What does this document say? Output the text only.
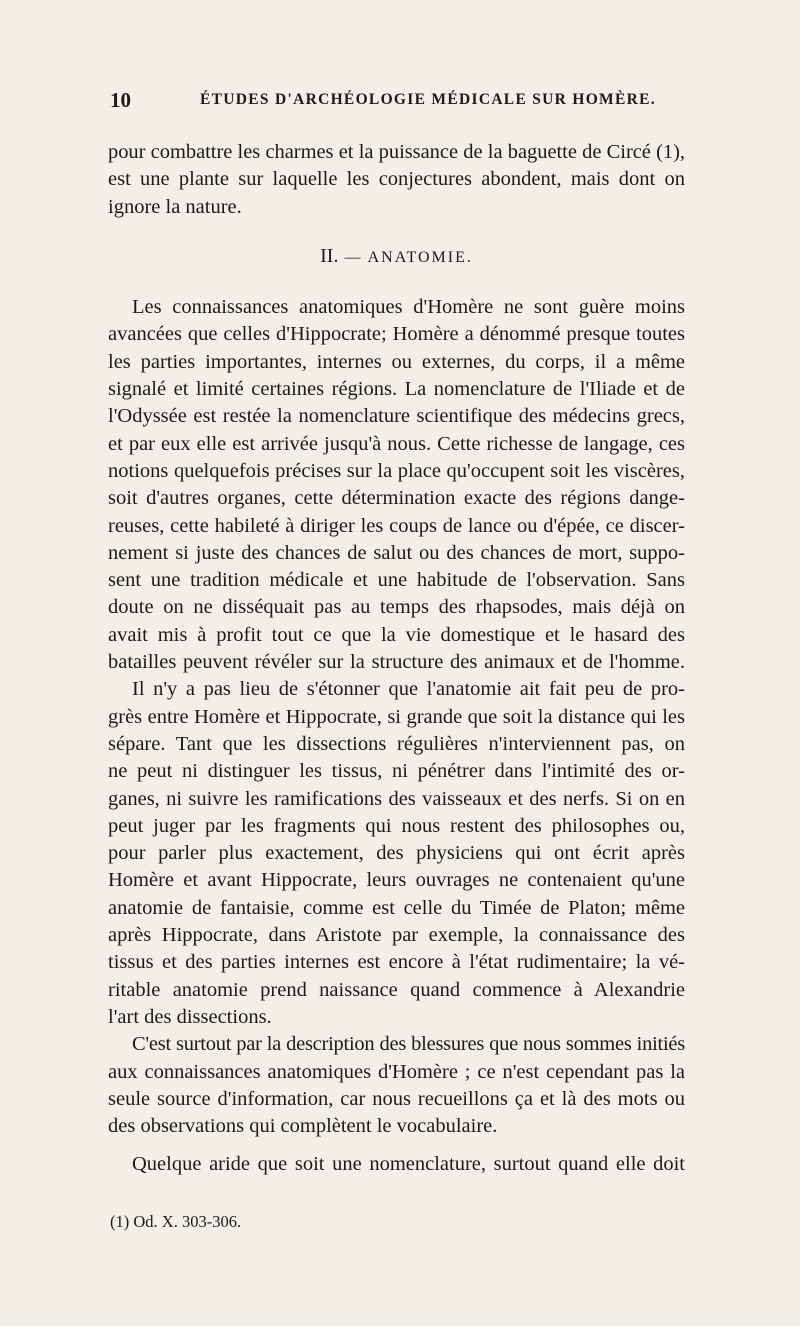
10	ÉTUDES D'ARCHÉOLOGIE MÉDICALE SUR HOMÈRE.
pour combattre les charmes et la puissance de la baguette de Circé (1),
est une plante sur laquelle les conjectures abondent, mais dont on
ignore la nature.
II. — ANATOMIE.
Les connaissances anatomiques d'Homère ne sont guère moins
avancées que celles d'Hippocrate; Homère a dénommé presque toutes
les parties importantes, internes ou externes, du corps, il a même
signalé et limité certaines régions. La nomenclature de l'Iliade et de
l'Odyssée est restée la nomenclature scientifique des médecins grecs,
et par eux elle est arrivée jusqu'à nous. Cette richesse de langage, ces
notions quelquefois précises sur la place qu'occupent soit les viscères,
soit d'autres organes, cette détermination exacte des régions dange-
reuses, cette habileté à diriger les coups de lance ou d'épée, ce discer-
nement si juste des chances de salut ou des chances de mort, suppo-
sent une tradition médicale et une habitude de l'observation. Sans
doute on ne disséquait pas au temps des rhapsodes, mais déjà on
avait mis à profit tout ce que la vie domestique et le hasard des
batailles peuvent révéler sur la structure des animaux et de l'homme.
Il n'y a pas lieu de s'étonner que l'anatomie ait fait peu de pro-
grès entre Homère et Hippocrate, si grande que soit la distance qui les
sépare. Tant que les dissections régulières n'interviennent pas, on
ne peut ni distinguer les tissus, ni pénétrer dans l'intimité des or-
ganes, ni suivre les ramifications des vaisseaux et des nerfs. Si on en
peut juger par les fragments qui nous restent des philosophes ou,
pour parler plus exactement, des physiciens qui ont écrit après
Homère et avant Hippocrate, leurs ouvrages ne contenaient qu'une
anatomie de fantaisie, comme est celle du Timée de Platon; même
après Hippocrate, dans Aristote par exemple, la connaissance des
tissus et des parties internes est encore à l'état rudimentaire; la vé-
ritable anatomie prend naissance quand commence à Alexandrie
l'art des dissections.
C'est surtout par la description des blessures que nous sommes initiés
aux connaissances anatomiques d'Homère ; ce n'est cependant pas la
seule source d'information, car nous recueillons ça et là des mots ou
des observations qui complètent le vocabulaire.
Quelque aride que soit une nomenclature, surtout quand elle doit
(1) Od. X. 303-306.
